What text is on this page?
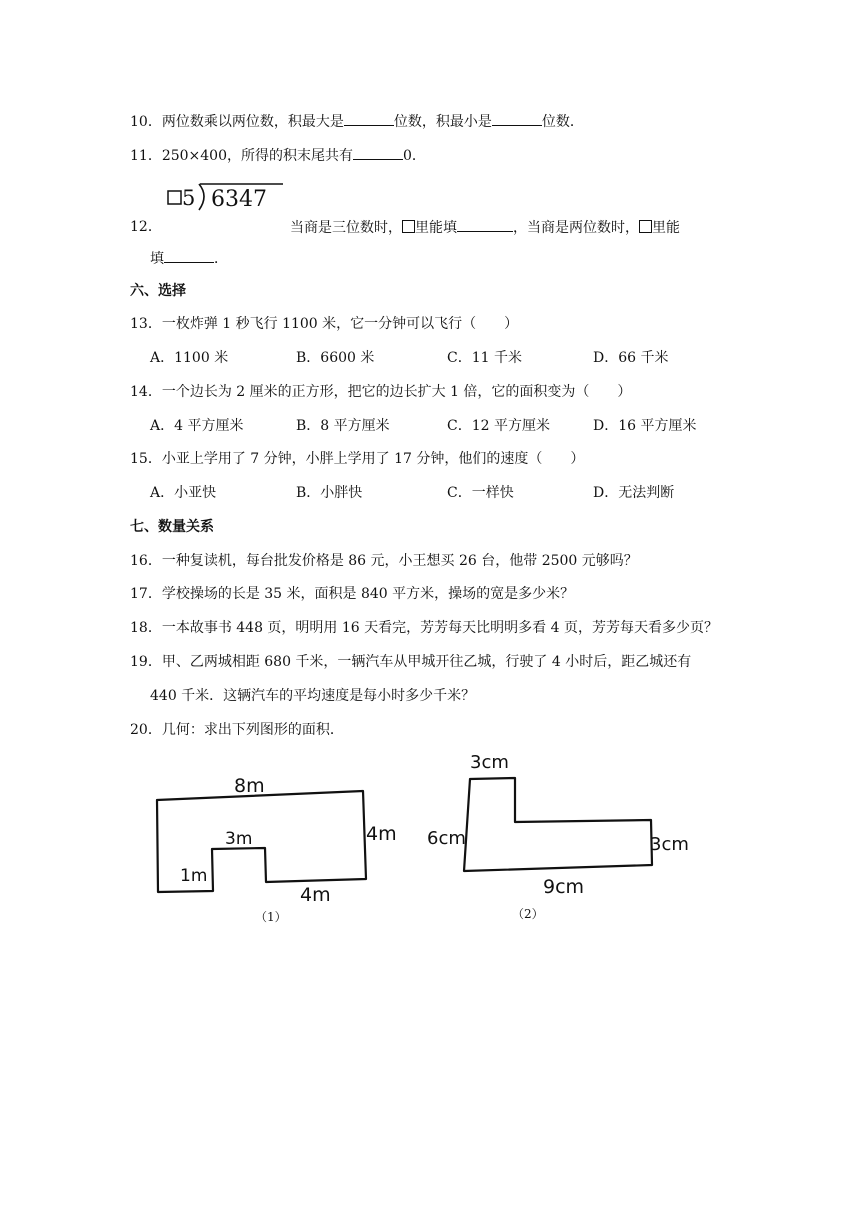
10．两位数乘以两位数，积最大是	位数，积最小是	位数．
11．250×400，所得的积末尾共有	0．
5 6347
12．	当商是三位数时， 里能填	，当商是两位数时， 里能
填	．
六、选择
13．一枚炸弹 1 秒飞行 1100 米，它一分钟可以飞行（　　）
A．1100 米	B．6600 米	C．11 千米	D．66 千米
14．一个边长为 2 厘米的正方形，把它的边长扩大 1 倍，它的面积变为（　　）
A．4 平方厘米	B．8 平方厘米	C．12 平方厘米	D．16 平方厘米
15．小亚上学用了 7 分钟，小胖上学用了 17 分钟，他们的速度（　　）
A．小亚快	B．小胖快	C．一样快	D．无法判断
七、数量关系
16．一种复读机，每台批发价格是 86 元，小王想买 26 台，他带 2500 元够吗？
17．学校操场的长是 35 米，面积是 840 平方米，操场的宽是多少米？
18．一本故事书 448 页，明明用 16 天看完，芳芳每天比明明多看 4 页，芳芳每天看多少页？
19．甲、乙两城相距 680 千米，一辆汽车从甲城开往乙城，行驶了 4 小时后，距乙城还有
440 千米．这辆汽车的平均速度是每小时多少千米？
20．几何：求出下列图形的面积．
8m
4m
3m
1m
4m
（1）
3cm
6cm	3cm
9cm
（2）
